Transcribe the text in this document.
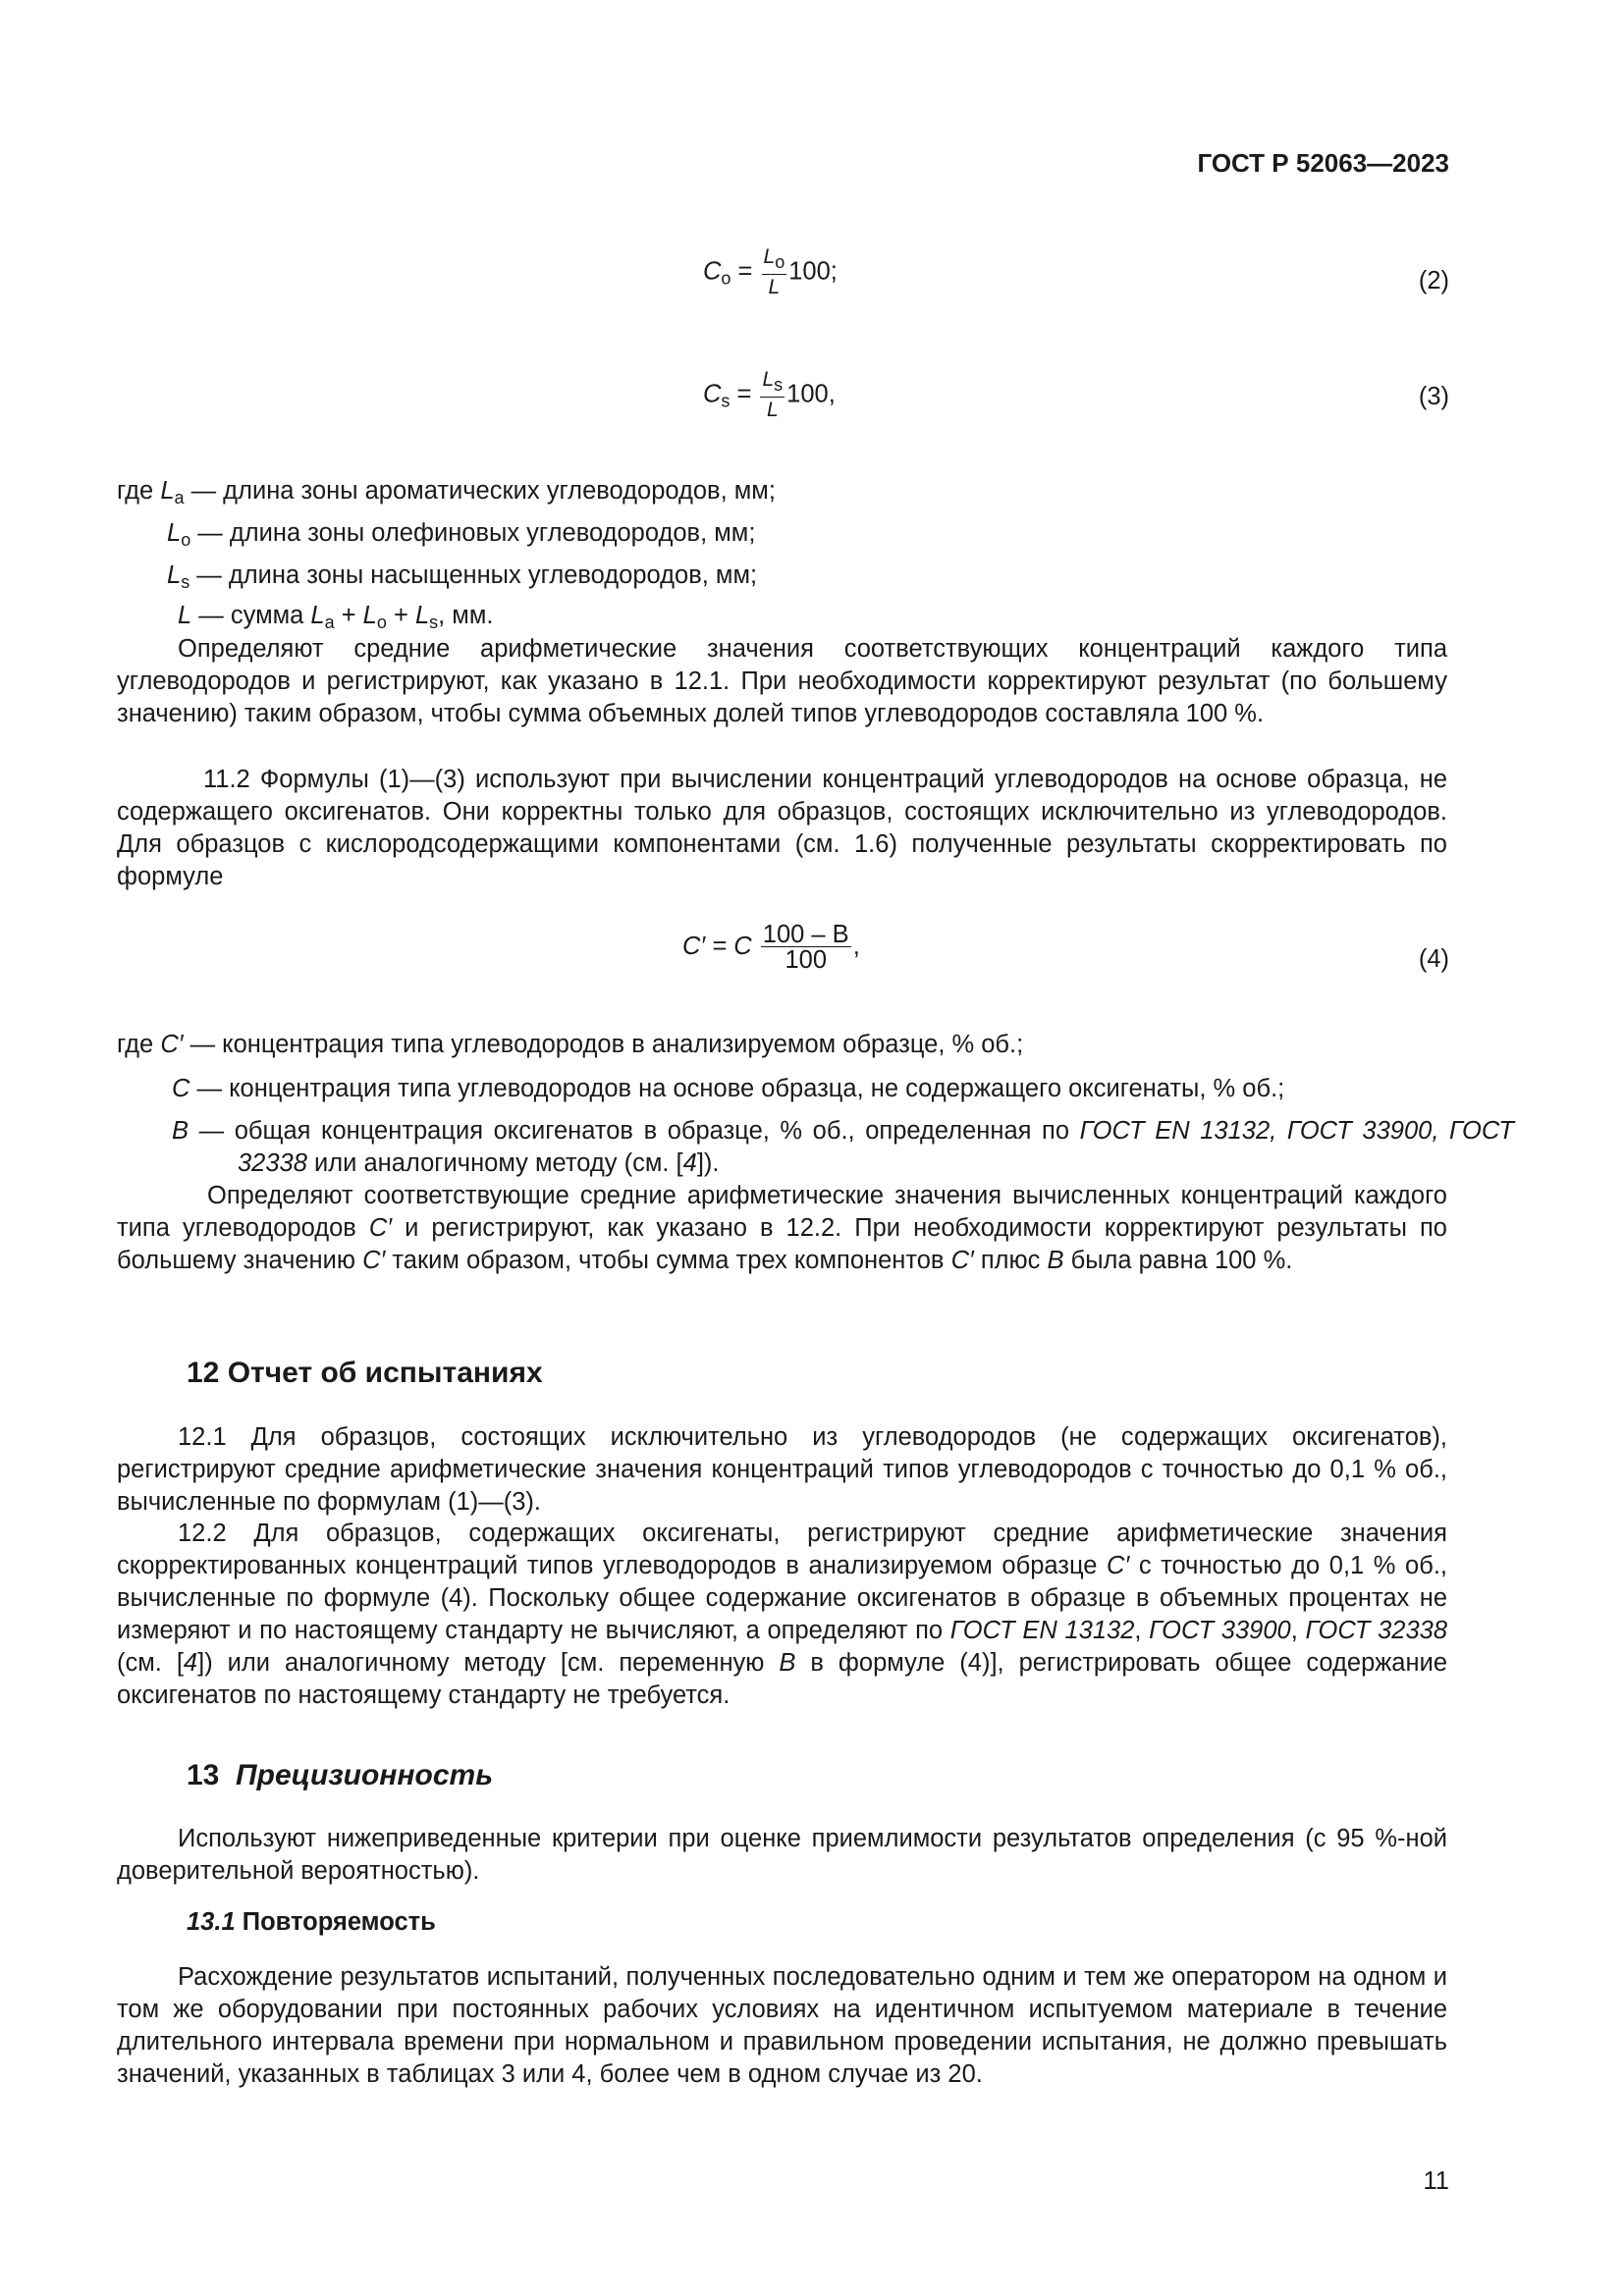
ГОСТ Р 52063—2023
$C_o = \frac{L_o}{L} 100$;	(2)
$C_s = \frac{L_s}{L} 100$,	(3)

где $L_a$ — длина зоны ароматических углеводородов, мм;

$L_o$ — длина зоны олефиновых углеводородов, мм;

$L_s$ — длина зоны насыщенных углеводородов, мм;

L — сумма $L_a + L_o + L_s$, мм.

Определяют средние арифметические значения соответствующих концентраций каждого типа углеводородов и регистрируют, как указано в 12.1. При необходимости корректируют результат (по большему значению) таким образом, чтобы сумма объемных долей типов углеводородов составляла 100 %.

11.2 Формулы (1)—(3) используют при вычислении концентраций углеводородов на основе образца, не содержащего оксигенатов. Они корректны только для образцов, состоящих исключительно из углеводородов. Для образцов с кислородсодержащими компонентами (см. 1.6) полученные результаты скорректировать по формуле

C′ = C $\frac{100 - B}{100}$ ,	(4)

где C′ — концентрация типа углеводородов в анализируемом образце, % об.;

C — концентрация типа углеводородов на основе образца, не содержащего оксигенаты, % об.;

B — общая концентрация оксигенатов в образце, % об., определенная по ГОСТ EN 13132, ГОСТ 33900, ГОСТ 32338 или аналогичному методу (см. [4]).

Определяют соответствующие средние арифметические значения вычисленных концентраций каждого типа углеводородов C′ и регистрируют, как указано в 12.2. При необходимости корректируют результаты по большему значению C′ таким образом, чтобы сумма трех компонентов C′ плюс B была равна 100 %.

12 Отчет об испытаниях

12.1 Для образцов, состоящих исключительно из углеводородов (не содержащих оксигенатов), регистрируют средние арифметические значения концентраций типов углеводородов с точностью до 0,1 % об., вычисленные по формулам (1)—(3).

12.2 Для образцов, содержащих оксигенаты, регистрируют средние арифметические значения скорректированных концентраций типов углеводородов в анализируемом образце C′ с точностью до 0,1 % об., вычисленные по формуле (4). Поскольку общее содержание оксигенатов в образце в объемных процентах не измеряют и по настоящему стандарту не вычисляют, а определяют по ГОСТ EN 13132, ГОСТ 33900, ГОСТ 32338 (см. [4]) или аналогичному методу [см. переменную B в формуле (4)], регистрировать общее содержание оксигенатов по настоящему стандарту не требуется.

13 Прецизионность

Используют нижеприведенные критерии при оценке приемлимости результатов определения (с 95 %-ной доверительной вероятностью).

13.1 Повторяемость

Расхождение результатов испытаний, полученных последовательно одним и тем же оператором на одном и том же оборудовании при постоянных рабочих условиях на идентичном испытуемом материале в течение длительного интервала времени при нормальном и правильном проведении испытания, не должно превышать значений, указанных в таблицах 3 или 4, более чем в одном случае из 20.

11
